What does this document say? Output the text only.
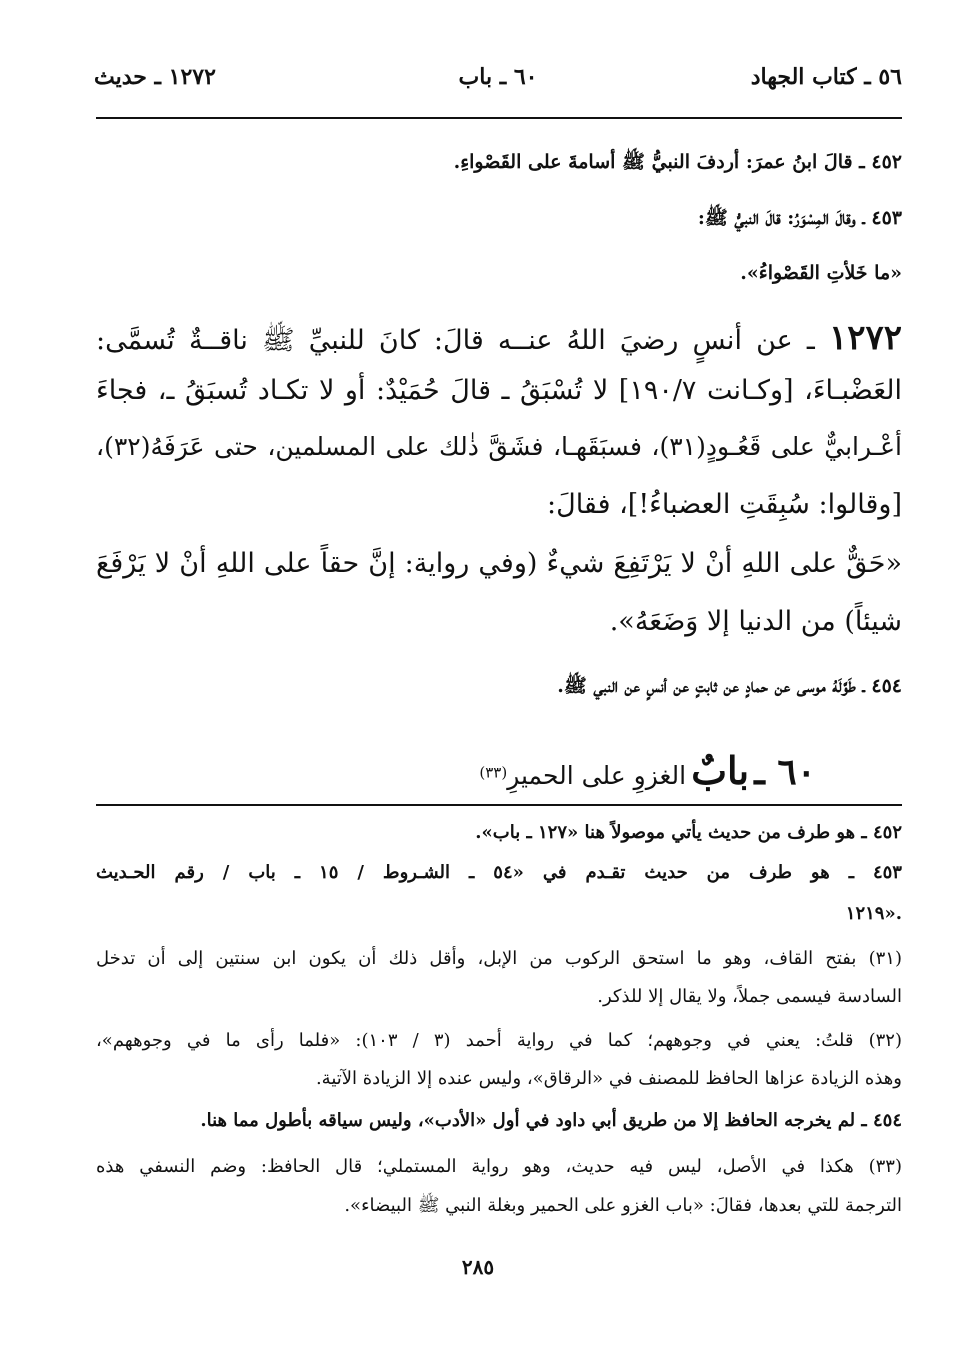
٥٦ ـ كتاب الجهاد
٦٠ ـ باب
١٢٧٢ ـ حديث
٤٥٢ ـ قالَ ابنُ عمرَ: أردفَ النبيُّ ﷺ أسامةَ على القَصْواءِ.
٤٥٣ ـ وقالَ المِسْوَرُ: قالَ النبيُّ ﷺ:
«ما خَلأتِ القَصْواءُ».
١٢٧٢ ـ عن أنسٍ رضيَ اللهُ عنــه قالَ: كانَ للنبيِّ ﷺ ناقــةٌ تُسمَّى:
العَضْبـاءَ، [وكـانت ١٩٠/٧] لا تُسْبَقُ ـ قالَ حُمَيْدٌ: أو لا تكـاد تُسبَقُ ـ، فجاءَ
أعْـرابيٌّ على قَعُـودٍ(٣١)، فسبَقَهـا، فشَقَّ ذٰلك على المسلمين، حتى عَرَفَهُ(٣٢)،
[وقالوا: سُبِقَتِ العضباءُ!]، فقالَ:
«حَقٌّ على اللهِ أنْ لا يَرْتَفِعَ شيءٌ (وفي رواية: إنَّ حقاً على اللهِ أنْ لا يَرْفَعَ
شيئاً) من الدنيا إلا وَضَعَهُ».
٤٥٤ ـ طَوَّلَهُ موسى عن حمادٍ عن ثابتٍ عن أنسٍ عن النبي ﷺ.
٦٠ ـ بابٌ الغزوِ على الحميرِ$^{(٣٣)}$
٤٥٢ ـ هو طرف من حديث يأتي موصولاً هنا «١٢٧ ـ باب».
٤٥٣ ـ هو طرف من حديث تقـدم في «٥٤ ـ الشـروط / ١٥ ـ باب / رقم الحـديث
١٢١٩».
(٣١) بفتح القاف، وهو ما استحق الركوب من الإبل، وأقل ذلك أن يكون ابن سنتين إلى أن تدخل
السادسة فيسمى جملاً، ولا يقال إلا للذكر.
(٣٢) قلتُ: يعني في وجوههم؛ كما في رواية أحمد (٣ / ١٠٣): «فلما رأى ما في وجوههم»،
وهذه الزيادة عزاها الحافظ للمصنف في «الرقاق»، وليس عنده إلا الزيادة الآتية.
٤٥٤ ـ لم يخرجه الحافظ إلا من طريق أبي داود في أول «الأدب»، وليس سياقه بأطول مما هنا.
(٣٣) هكذا في الأصل، ليس فيه حديث، وهو رواية المستملي؛ قال الحافظ: وضم النسفي هذه
الترجمة للتي بعدها، فقالَ: «باب الغزو على الحمير وبغلة النبي ﷺ البيضاء».
٢٨٥
